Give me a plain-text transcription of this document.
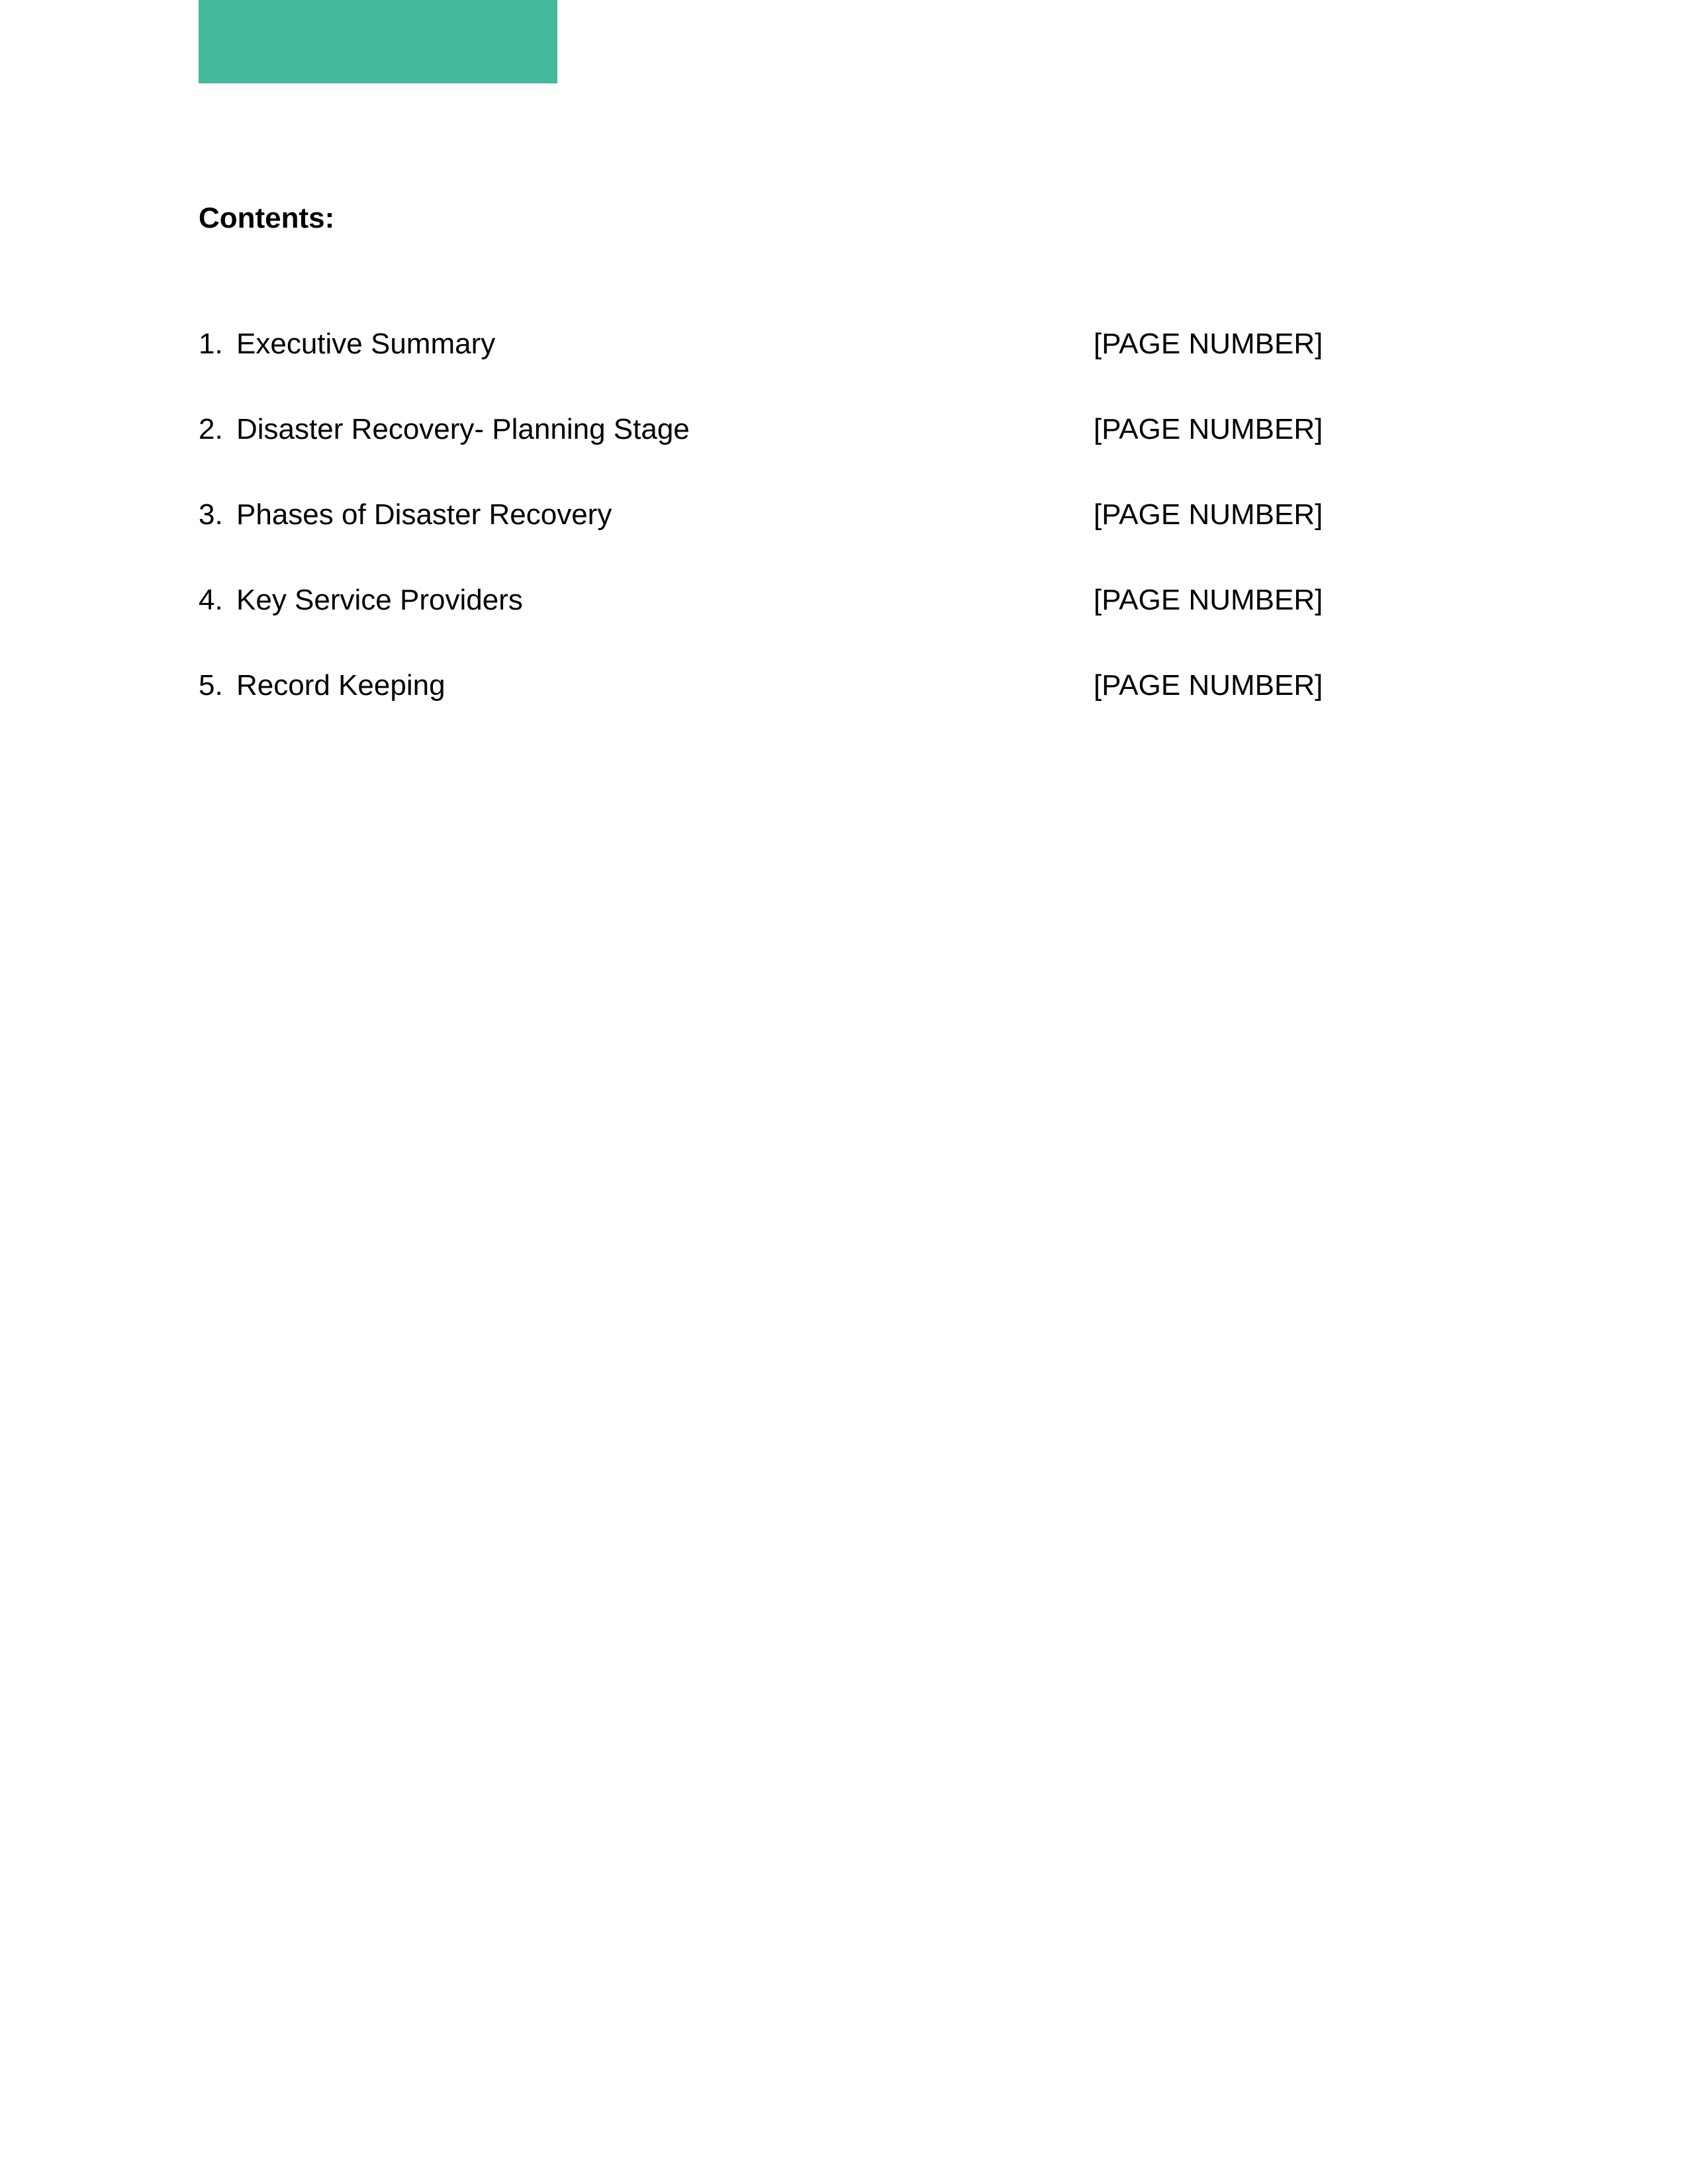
Contents:
1. Executive Summary	[PAGE NUMBER]
2. Disaster Recovery- Planning Stage	[PAGE NUMBER]
3. Phases of Disaster Recovery	[PAGE NUMBER]
4. Key Service Providers	[PAGE NUMBER]
5. Record Keeping	[PAGE NUMBER]
